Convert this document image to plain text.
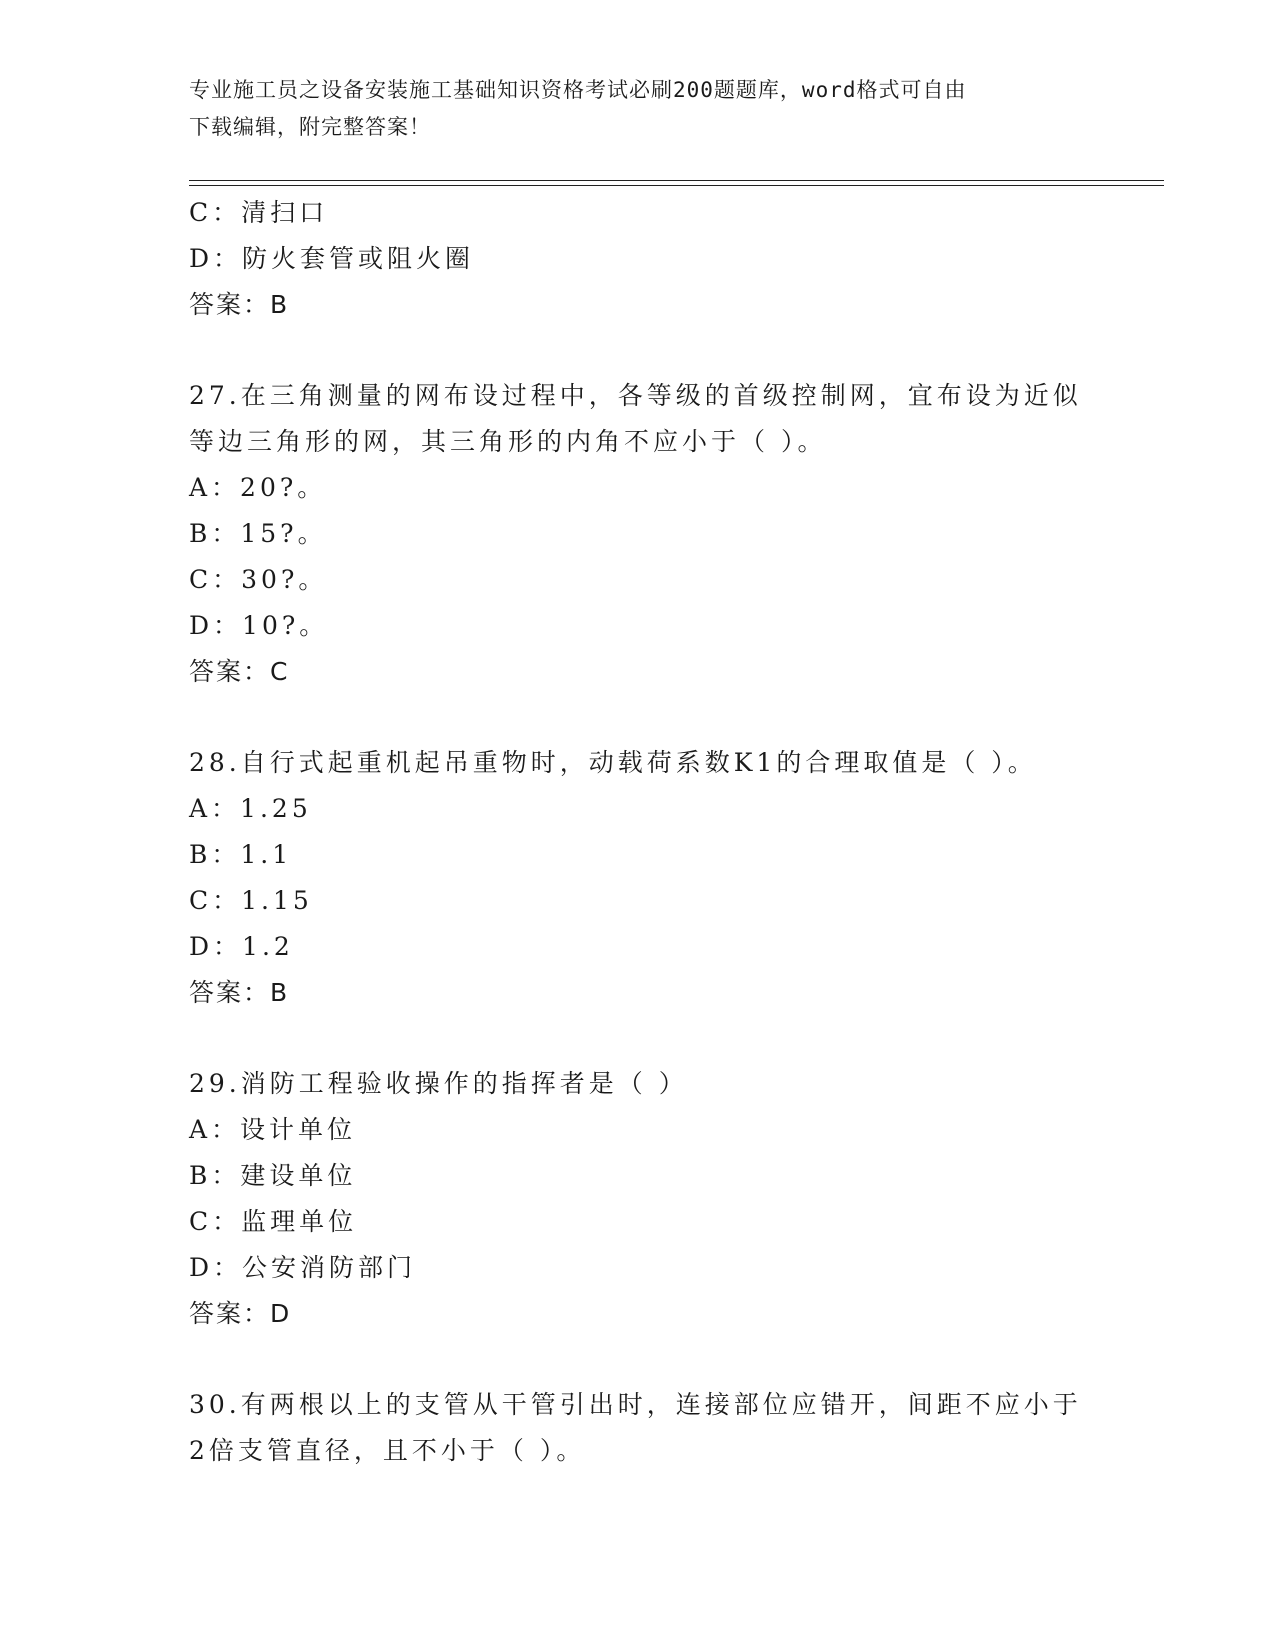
专业施工员之设备安装施工基础知识资格考试必刷200题题库，word格式可自由
下载编辑，附完整答案！
C：清扫口
D：防火套管或阻火圈
答案：B
27.在三角测量的网布设过程中，各等级的首级控制网，宜布设为近似
等边三角形的网，其三角形的内角不应小于（ ）。
A：20?。
B：15?。
C：30?。
D：10?。
答案：C
28.自行式起重机起吊重物时，动载荷系数K1的合理取值是（ ）。
A：1.25
B：1.1
C：1.15
D：1.2
答案：B
29.消防工程验收操作的指挥者是（ ）
A：设计单位
B：建设单位
C：监理单位
D：公安消防部门
答案：D
30.有两根以上的支管从干管引出时，连接部位应错开，间距不应小于
2倍支管直径，且不小于（ ）。
